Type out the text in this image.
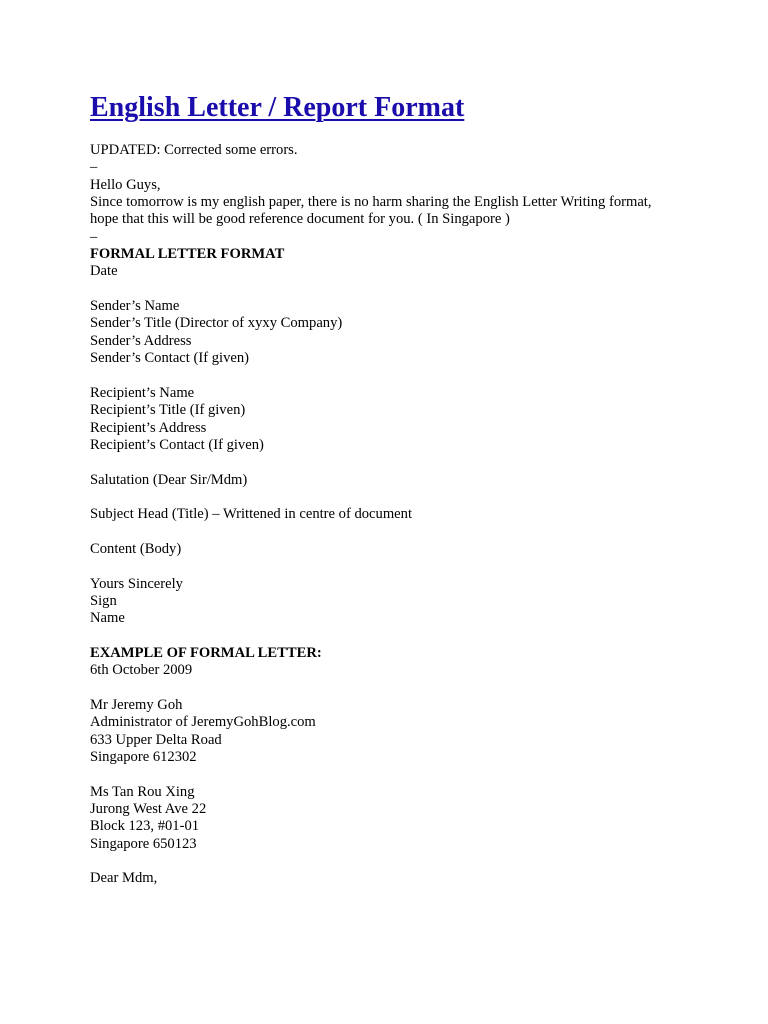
English Letter / Report Format
UPDATED: Corrected some errors.
–
Hello Guys,
Since tomorrow is my english paper, there is no harm sharing the English Letter Writing format,
hope that this will be good reference document for you. ( In Singapore )
–
FORMAL LETTER FORMAT
Date
Sender’s Name
Sender’s Title (Director of xyxy Company)
Sender’s Address
Sender’s Contact (If given)
Recipient’s Name
Recipient’s Title (If given)
Recipient’s Address
Recipient’s Contact (If given)
Salutation (Dear Sir/Mdm)
Subject Head (Title) – Writtened in centre of document
Content (Body)
Yours Sincerely
Sign
Name
EXAMPLE OF FORMAL LETTER:
6th October 2009
Mr Jeremy Goh
Administrator of JeremyGohBlog.com
633 Upper Delta Road
Singapore 612302
Ms Tan Rou Xing
Jurong West Ave 22
Block 123, #01-01
Singapore 650123
Dear Mdm,
